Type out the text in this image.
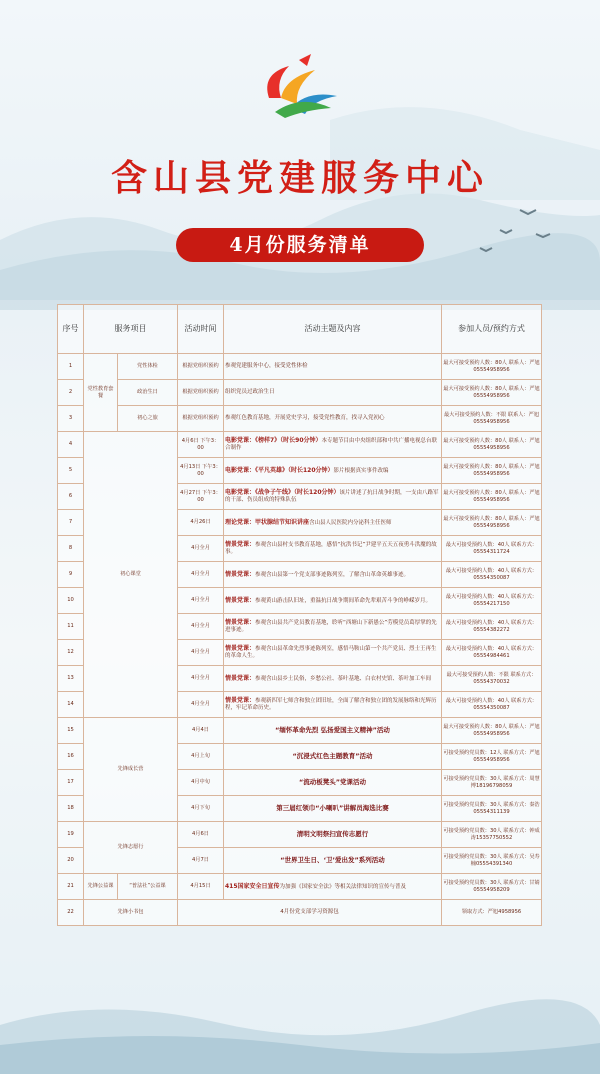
含山县党建服务中心
4月份服务清单
序号	服务项目		活动时间	活动主题及内容	参加人员/预约方式
1	党性教育套餐	党性体检	根据党组织预约	参观党建服务中心，接受党性体检	最大可接受预约人数：80人 联系人：严旭05554958956
2		政治生日	根据党组织预约	组织党员过政治生日	最大可接受预约人数：80人 联系人：严旭05554958956
3		初心之旅	根据党组织预约	参观红色教育基地，开展党史学习，接受党性教育，找寻入党初心	最大可接受预约人数：不限 联系人：严旭05554958956
4	初心课堂		4月6日 下午3：00	电影党课：《榜样7》（时长90分钟）本专题节目由中央组织部和中共广播电视总台联合制作	最大可接受预约人数：80人 联系人：严旭05554958956
5			4月13日 下午3：00	电影党课：《平凡英雄》（时长120分钟）影片根据真实事件改编	最大可接受预约人数：80人 联系人：严旭05554958956
6			4月27日 下午3：00	电影党课：《战争子午线》（时长120分钟）该片讲述了抗日战争时期，一支由八路军的干部、伤员组成的特殊队伍	最大可接受预约人数：80人 联系人：严旭05554958956
7			4月26日	理论党课：甲状腺结节知识讲座含山县人民医院内分泌科主任医师	最大可接受预约人数：80人 联系人：严旭05554958956
8			4月全月	情景党课：参观含山县村支书教育基地，感悟“抗洪书记”尹建平五天五夜勇斗洪魔的故事。	最大可接受预约人数：40人 联系方式：05554311724
9			4月全月	情景党课：参观含山县第一个党支部事迹陈列室，了解含山革命英雄事迹。	最大可接受预约人数：40人 联系方式：05554350087
10			4月全月	情景党课：参观黄山游击队旧址，重温抗日战争期间革命先辈艰苦斗争的峥嵘岁月。	最大可接受预约人数：40人 联系方式：05554217150
11			4月全月	情景党课：参观含山县共产党员教育基地，聆听“西塘山下新愚公”劳模党员葛厚掌的先进事迹。	最大可接受预约人数：40人 联系方式：05554382272
12			4月全月	情景党课：参观含山县革命先烈事迹陈列室，感悟马鞍山第一个共产党员、烈士王再生的革命人生。	最大可接受预约人数：40人 联系方式：05554984461
13			4月全月	情景党课：参观含山县乡土民俗，乡愁公社、茶叶基地、白衣村史馆、茶叶加工车间	最大可接受预约人数：不限 联系方式：05554370032
14			4月全月	情景党课：参观新四军七师含和独立团旧址，全面了解含和独立团的发展脉络和光辉历程，牢记革命历史。	最大可接受预约人数：40人 联系方式：05554350087
15	先锋成长营		4月4日	“缅怀革命先烈 弘扬爱国主义精神”活动	最大可接受预约人数：80人 联系人：严旭05554958956
16			4月上旬	“沉浸式红色主题教育”活动	可接受预约党员数：12人 联系方式：严旭05554958956
17			4月中旬	“流动板凳头”党课活动	可接受预约党员数：30人 联系方式：周慧博18196798059
18			4月下旬	第三届红领巾“小喇叭”讲解员海选比赛	可接受预约党员数：30人 联系方式：秦浩05554311139
19	先锋志愿行		4月6日	清明文明祭扫宣传志愿行	可接受预约党员数：30人 联系方式：钟成涛15357750552
20			4月7日	“世界卫生日、‘卫’爱出发”系列活动	可接受预约党员数：30人 联系方式：吴寿楠05554391340
21	先锋公益课	“普法社”公益课	4月15日	415国家安全日宣传为加强《国家安全法》等相关法律知识的宣传与普及	可接受预约党员数：30人 联系方式：甘婧05554958209
22	先锋小书包		4月份党支部学习资源包		领取方式：严旭4958956
